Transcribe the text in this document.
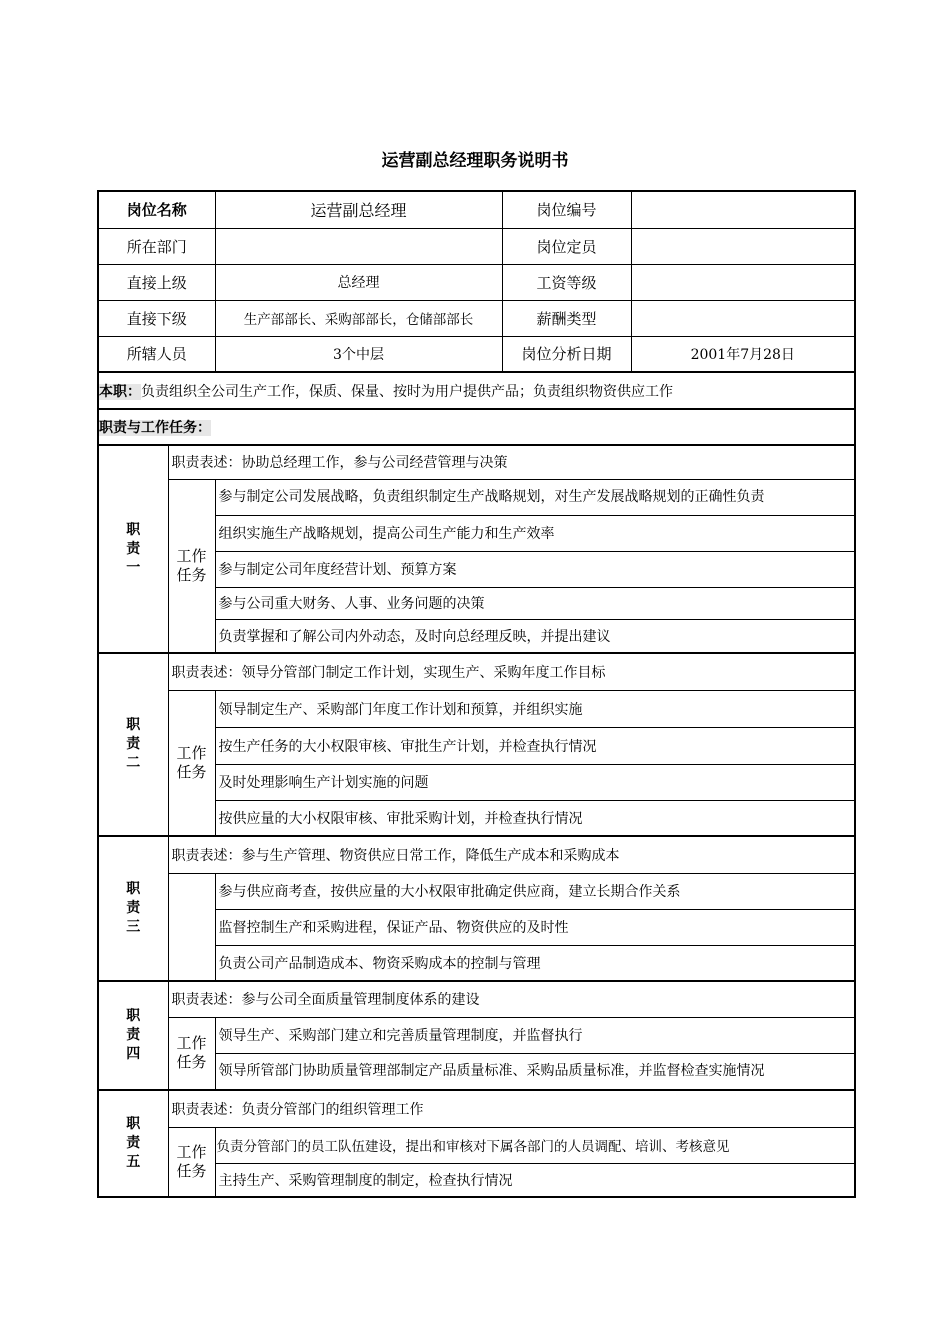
运营副总经理职务说明书
岗位名称		运营副总经理	岗位编号	
所在部门			岗位定员	
直接上级		总经理	工资等级	
直接下级		生产部部长、采购部部长，仓储部部长	薪酬类型	
所辖人员		3个中层	岗位分析日期	2001年7月28日
本职：负责组织全公司生产工作，保质、保量、按时为用户提供产品；负责组织物资供应工作				
职责与工作任务：				
职责一	职责表述：协助总经理工作，参与公司经营管理与决策			
	工作任务	参与制定公司发展战略，负责组织制定生产战略规划，对生产发展战略规划的正确性负责		
		组织实施生产战略规划，提高公司生产能力和生产效率		
		参与制定公司年度经营计划、预算方案		
		参与公司重大财务、人事、业务问题的决策		
		负责掌握和了解公司内外动态，及时向总经理反映，并提出建议		
职责二	职责表述：领导分管部门制定工作计划，实现生产、采购年度工作目标			
	工作任务	领导制定生产、采购部门年度工作计划和预算，并组织实施		
		按生产任务的大小权限审核、审批生产计划，并检查执行情况		
		及时处理影响生产计划实施的问题		
		按供应量的大小权限审核、审批采购计划，并检查执行情况		
职责三	职责表述：参与生产管理、物资供应日常工作，降低生产成本和采购成本			
		参与供应商考查，按供应量的大小权限审批确定供应商，建立长期合作关系		
		监督控制生产和采购进程，保证产品、物资供应的及时性		
		负责公司产品制造成本、物资采购成本的控制与管理		
职责四	职责表述：参与公司全面质量管理制度体系的建设			
	工作任务	领导生产、采购部门建立和完善质量管理制度，并监督执行		
		领导所管部门协助质量管理部制定产品质量标准、采购品质量标准，并监督检查实施情况		
职责五	职责表述：负责分管部门的组织管理工作			
	工作任务	负责分管部门的员工队伍建设，提出和审核对下属各部门的人员调配、培训、考核意见		
		主持生产、采购管理制度的制定，检查执行情况		
